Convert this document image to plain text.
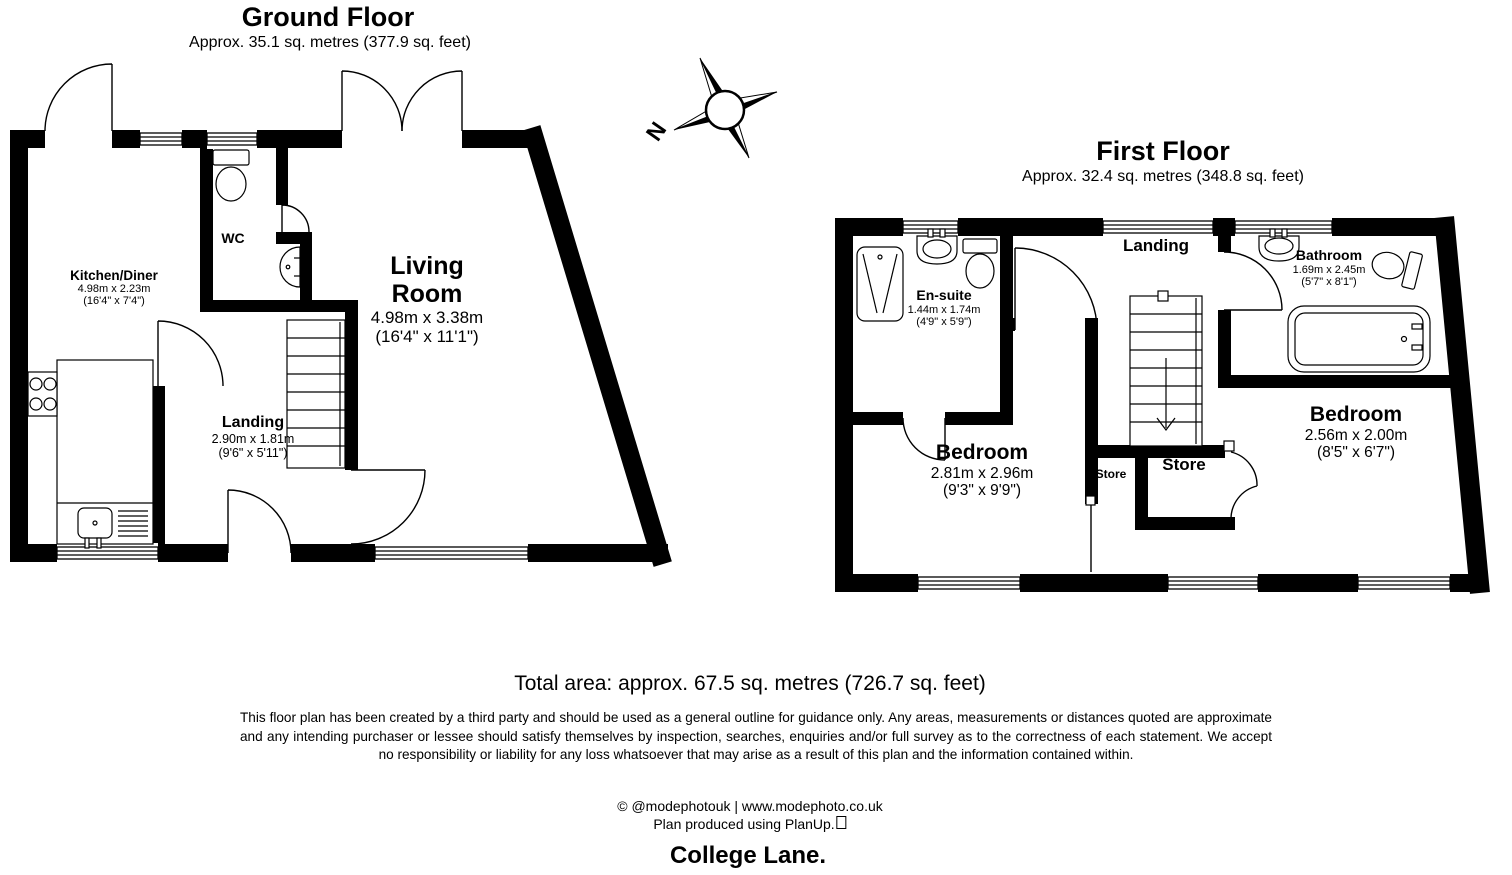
N
Ground Floor
Approx. 35.1 sq. metres (377.9 sq. feet)
First Floor
Approx. 32.4 sq. metres (348.8 sq. feet)
Kitchen/Diner
4.98m x 2.23m
(16'4" x 7'4")
WC
Living Room
4.98m x 3.38m
(16'4" x 11'1")
Landing
2.90m x 1.81m
(9'6" x 5'11")
En-suite
1.44m x 1.74m
(4'9" x 5'9")
Landing	Bathroom
1.69m x 2.45m
(5'7" x 8'1")
Bedroom
2.81m x 2.96m
(9'3" x 9'9")
Bedroom
2.56m x 2.00m
(8'5" x 6'7")
Store Store
Total area: approx. 67.5 sq. metres (726.7 sq. feet)
This floor plan has been created by a third party and should be used as a general outline for guidance only. Any areas, measurements or distances quoted are approximate and any intending purchaser or lessee should satisfy themselves by inspection, searches, enquiries and/or full survey as to the correctness of each statement. We accept no responsibility or liability for any loss whatsoever that may arise as a result of this plan and the information contained within.
© @modephotouk | www.modephoto.co.uk
Plan produced using PlanUp.
College Lane.
